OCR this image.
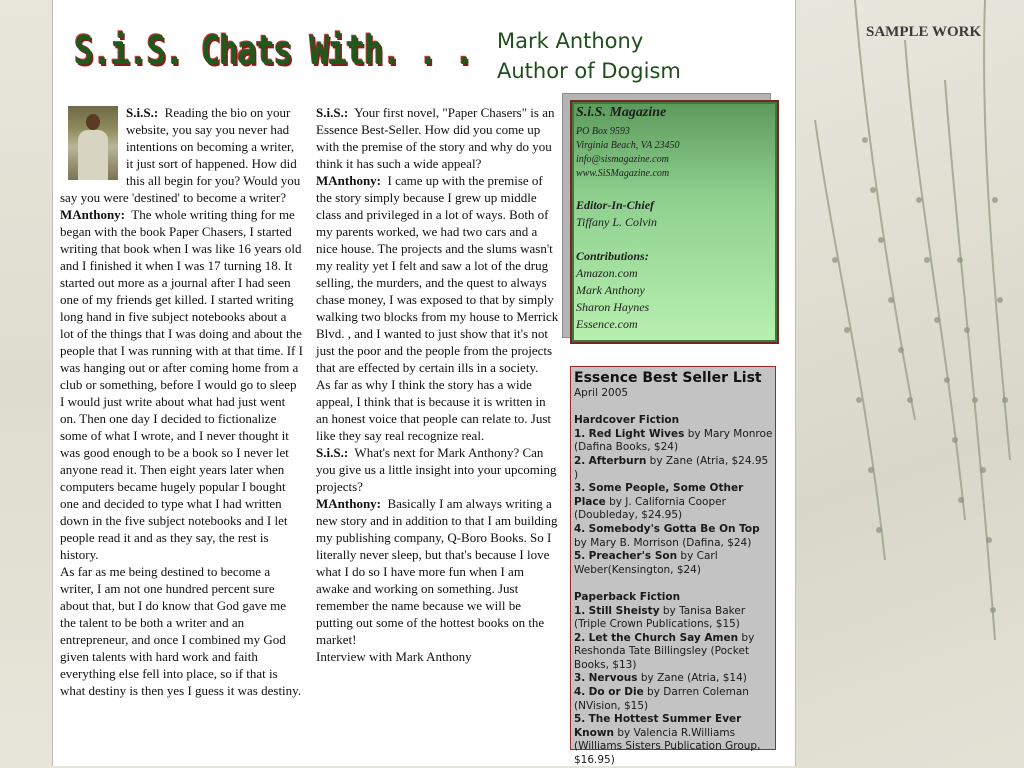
SAMPLE WORK
S.i.S. Chats With. . . Mark Anthony
Author of Dogism

S.i.S.: Reading the bio on your website, you say you never had intentions on becoming a writer, it just sort of happened. How did this all begin for you? Would you say you were 'destined' to become a writer?

MAnthony: The whole writing thing for me began with the book Paper Chasers, I started writing that book when I was like 16 years old and I finished it when I was 17 turning 18. It started out more as a journal after I had seen one of my friends get killed. I started writing long hand in five subject notebooks about a lot of the things that I was doing and about the people that I was running with at that time. If I was hanging out or after coming home from a club or something, before I would go to sleep I would just write about what had just went on. Then one day I decided to fictionalize some of what I wrote, and I never thought it was good enough to be a book so I never let anyone read it. Then eight years later when computers became hugely popular I bought one and decided to type what I had written down in the five subject notebooks and I let people read it and as they say, the rest is history.

As far as me being destined to become a writer, I am not one hundred percent sure about that, but I do know that God gave me the talent to be both a writer and an entrepreneur, and once I combined my God given talents with hard work and faith everything else fell into place, so if that is what destiny is then yes I guess it was destiny.

S.i.S.: Your first novel, "Paper Chasers" is an Essence Best-Seller. How did you come up with the premise of the story and why do you think it has such a wide appeal?

MAnthony: I came up with the premise of the story simply because I grew up middle class and privileged in a lot of ways. Both of my parents worked, we had two cars and a nice house. The projects and the slums wasn't my reality yet I felt and saw a lot of the drug selling, the murders, and the quest to always chase money, I was exposed to that by simply walking two blocks from my house to Merrick Blvd. , and I wanted to just show that it's not just the poor and the people from the projects that are effected by certain ills in a society.

As far as why I think the story has a wide appeal, I think that is because it is written in an honest voice that people can relate to. Just like they say real recognize real.

S.i.S.: What's next for Mark Anthony? Can you give us a little insight into your upcoming projects?

MAnthony: Basically I am always writing a new story and in addition to that I am building my publishing company, Q-Boro Books. So I literally never sleep, but that's because I love what I do so I have more fun when I am awake and working on something. Just remember the name because we will be putting out some of the hottest books on the market!

Interview with Mark Anthony

S.i.S. Magazine
PO Box 9593
Virginia Beach, VA 23450
info@sismagazine.com
www.SiSMagazine.com
Editor-In-Chief
Tiffany L. Colvin
Contributions:
Amazon.com
Mark Anthony
Sharon Haynes
Essence.com
Essence Best Seller List

April 2005

Hardcover Fiction

1. Red Light Wives by Mary Monroe (Dafina Books, $24)

2. Afterburn by Zane (Atria, $24.95 )

3. Some People, Some Other Place by J. California Cooper (Doubleday, $24.95)

4. Somebody's Gotta Be On Top by Mary B. Morrison (Dafina, $24)

5. Preacher's Son by Carl Weber(Kensington, $24)

Paperback Fiction

1. Still Sheisty by Tanisa Baker (Triple Crown Publications, $15)

2. Let the Church Say Amen by Reshonda Tate Billingsley (Pocket Books, $13)

3. Nervous by Zane (Atria, $14)

4. Do or Die by Darren Coleman (NVision, $15)

5. The Hottest Summer Ever Known by Valencia R.Williams (Williams Sisters Publication Group, $16.95)
